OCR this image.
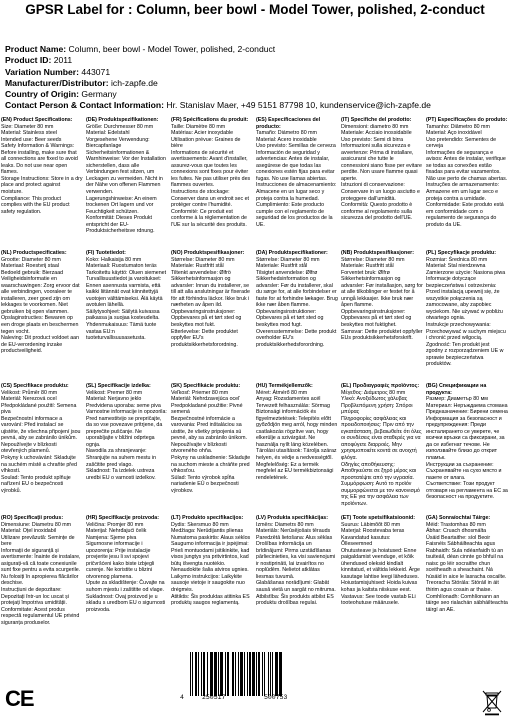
GPSR Label for : Column, beer bowl - Model Tower, polished, 2-conduct
Product Name: Column, beer bowl - Model Tower, polished, 2-conduct
Product ID: 2011
Variation Number: 443071
Manufacturer/Distributor: ich-zapfe.de
Country of Origin: Germany
Contact Person & Contact Information: Hr. Stanislav Maer, +49 5151 87798 10, kundenservice@ich-zapfe.de
(EN) Product Specifications:
Size: Diameter 80 mm
Material: Stainless steel
Intended use: Beer seeds
Safety Information & Warnings: Before installing, make sure that all connections are fixed to avoid leaks. Do not use near open flames.
Storage Instructions: Store in a dry place and protect against moisture.
Compliance: This product complies with the EU product safety regulation.
(DE) Produktspezifikationen:
Größe: Durchmesser 80 mm
Material: Edelstahl
Vorgesehene Verwendung: Biercapfanlage
Sicherheitsinformationen & Warnhinweise: Vor der Installation sicherstellen, dass alle Verbindungen fest sitzen, um Leckagen zu vermeiden. Nicht in der Nähe von offenen Flammen verwenden.
Lagerungshinweise: An einem trockenen Ort lagern und vor Feuchtigkeit schützen.
Konformität: Dieses Produkt entspricht der EU-Produktsicherheitsve rdnung.
(FR) Spécifications du produit:
Taille: Diamètre 80 mm
Matériau: Acier inoxydable
Utilisation prévue: Graines de bière
Informations de sécurité et avertissements: Avant d'installer, assurez-vous que toutes les connexions sont fixes pour éviter les fuites. Ne pas utiliser près des flammes ouvertes.
Instructions de stockage: Conserver dans un endroit sec et protéger contre l'humidité.
Conformité: Ce produit est conforme à la réglementation de l'UE sur la sécurité des produits.
(ES) Especificaciones del producto:
Tamaño: Diámetro 80 mm
Material: Acero inoxidable
Uso previsto: Semillas de cerveza
Información de seguridad y advertencias: Antes de instalar, asegúrese de que todas las conexiones estén fijas para evitar fugas. No use llamas abiertas.
Instrucciones de almacenamiento: Almacene en un lugar seco y proteja contra la humedad.
Cumplimiento: Este producto cumple con el reglamento de seguridad de los productos de la UE.
(IT) Specifiche del prodotto:
Dimensioni: diametro 80 mm
Materiale: Acciaio inossidabile
Uso previsto: Semi di birra
Informazioni sulla sicurezza e avvertenze: Prima di installare, assicurarsi che tutte le connessioni siano fisse per evitare perdite. Non usare fiamme quasi aperte.
Istruzioni di conservazione: Conservare in un luogo asciutto e proteggere dall'umidità.
Conformità: Questo prodotto è conforme al regolamento sulla sicurezza del prodotto dell'UE.
(PT) Especificações do produto:
Tamanho: Diâmetro 80 mm
Material: Aço inoxidável
Uso pretendido: Sementes de cerveja
Informações de segurança e avisos: Antes de instalar, verifique se todas as conexões estão fixadas para evitar vazamentos. Não use perto de chamas abertas.
Instruções de armazenamento: Armazene em um lugar seco e proteja contra a umidade.
Conformidade: Este produto está em conformidade com o regulamento de segurança do produto da UE.
(NL) Productspecificaties:
Grootte: Diameter 80 mm
Materiaal: Roestvrij staal
Bedoeld gebruik: Bierzaad
Veiligheidsinformatie en waarschuwingen: Zorg ervoor dat alle verbindingen, vooraleer te installeren, zeer goed zijn om lekkages te voorkomen. Niet gebruiken bij open vlammen.
Opslaginstructies: Bewaren op een droge plaats en beschermen tegen vocht.
Naleving: Dit product voldoet aan de EU-verordening inzake productveiligheid.
(FI) Tuotetiedot:
Koko: Halkaisija 80 mm
Materiaali: Ruostumaton teräs
Tarkoitettu käyttö: Oluen siemenet
Turvallisuustiedot ja varoitukset: Ennen asennusta varmista, että kaikki liitännät ovat kiinnitettyjä vuotojen välttämiseksi. Älä käytä avotulen lähellä.
Säilytysohjeet: Säilytä kuivassa paikassa ja suojaa kosteudelta.
Yhdenmukaisuus: Tämä tuote vastaa EU:n tuoteturvallisuusasetusta.
(NO) Produktspesifikasjoner:
Størrelse: Diameter 80 mm
Materiale: Rustfritt stål
Tiltenkt anvendelse: Ølfrö
Sikkerhetsinformasjon og advarsler: Innan du installerer, se till att alla anslutningar är fixerade för att förhindra läckor. Ikke bruk i nærheten av åpen ild.
Oppbevaringsinstruksjoner: Oppbevares på et tørt sted og beskyttes mot fukt.
Etterlevelse: Dette produktet oppfyller EU's produktsikkerhetsforordning.
(DA) Produktspecifikationer:
Størrelse: Diameter 80 mm
Materiale: Rustfrit stål
Tilsigtet anvendelse: Ølfrø
Sikkerhedsinformation og advarsler: Før du installerer, skal du sørge for, at alle forbindelser er faste for at forhindre lækager. Brug ikke nær åben flamme.
Opbevaringsinstruktioner: Opbevares på et tørt sted og beskyttes mod fugt.
Overensstemmelse: Dette produkt overholder EU's produktsikkerhedsforordning.
(NB) Produktspesifikasjoner:
Størrelse: Diameter 80 mm
Materiale: Rustfritt stål
Forventet bruk: Ølfrø
Sikkerhetsinformasjon og advarsler: Før installasjon, sørg for at alle tilkoblinger er festet for å unngå lekkasjer. Ikke bruk nær åpen flamme.
Oppbevaringsinstruksjoner: Oppbevares på et tørt sted og beskyttes mot fuktighet.
Samsvar: Dette produktet oppfyller EUs produktsikkerhetsforskrift.
(PL) Specyfikacje produktu:
Rozmiar: Średnica 80 mm
Materiał: Stal nierdzewna
Zamierzone użycie: Nasiona piwa
Informacje dotyczące bezpieczeństwa i ostrzeżenia: Przed instalacją upewnij się, że wszystkie połączenia są zamocowane, aby zapobiec wyciekom. Nie używać w pobliżu otwartego ognia.
Instrukcje przechowywania: Przechowywać w suchym miejscu i chronić przed wilgocią.
Zgodność: Ten produkt jest zgodny z rozporządzeniem UE w sprawie bezpieczeństwa produktów.
(CS) Specifikace produktu:
Velikost: Průměr 80 mm
Materiál: Nerezová ocel
Předpokládané použití: Semena piva
Bezpečnostní informace a varování: Před instalací se ujistěte, že všechna připojení jsou pevná, aby se zabránilo únikům. Nepoužívejte v blízkosti otevřených plamenů.
Pokyny k uchovávání: Skladujte na suchém místě a chraňte před vlhkostí.
Soulad: Tento produkt splňuje nařízení EU o bezpečnosti výrobků.
(SL) Specifikacije izdelka:
Velikost: Premer 80 mm
Material: Nerjavno jeklo
Predvidena uporaba: seme piva
Varnostne informacije in opozorila: Pred namestitvijo se prepričajte, da so vse povezave pritrjene, da preprečite puščanje. Ne uporabljajte v bližini odprtega ognja.
Navodila za shranjevanje: Shranjujte na suhem mestu in zaščitite pred vlago.
Skladnost: Ta izdelek ustreza uredbi EU o varnosti izdelkov.
(SK) Špecifikácie produktu:
Veľkosť: Priemer 80 mm
Materiál: Nehrdzavejúca oceľ
Predpokladané použitie: Pivné semená
Bezpečnostné informácie a varovania: Pred inštaláciou sa uistite, že všetky pripojenia sú pevné, aby sa zabránilo únikom. Nepoužívajte v blízkosti otvoreného ohňa.
Pokyny na uskladnenie: Skladujte na suchom mieste a chráňte pred vlhkosťou.
Súlad: Tento výrobok spĺňa nariadenie EÚ o bezpečnosti výrobkov.
(HU) Termékjellemzők:
Méret: Átmérő 80 mm
Anyag: Rozsdamentes acél
Tervezett felhasználás: Sörmag
Biztonsági információk és figyelmeztetések: Telepítés előtt győződjön meg arról, hogy minden csatlakozás rögzítve van, hogy elkerülje a szivárgást. Ne használja nyílt láng közelében.
Tárolási utasítások: Tárolja száraz helyen, és védje a nedvességtől.
Megfelelőség: Ez a termék megfelel az EU termékbiztonsági rendeletének.
(EL) Προδιαγραφές προϊόντος:
Μέγεθος: Διάμετρος 80 mm
Υλικό: Ανοξείδωτος χάλυβας
Προβλεπόμενη χρήση: Σπόροι μπύρας
Πληροφορίες ασφάλειας και προειδοποιήσεις: Πριν από την εγκατάσταση, βεβαιωθείτε ότι όλες οι συνδέσεις είναι σταθερές για να αποφύγετε διαρροές. Μην χρησιμοποιείτε κοντά σε ανοιχτή φλόγα.
Οδηγίες αποθήκευσης: Αποθηκεύστε σε ξηρό μέρος και προστατέψτε από την υγρασία.
Συμμόρφωση: Αυτό το προϊόν συμμορφώνεται με τον κανονισμό της ΕΕ για την ασφάλεια των προϊόντων.
(BG) Спецификации на продукта:
Размер: Диаметър 80 мм
Материал: Неръждаема стомана
Предназначение: Бирени семена
Информация за безопасност и предупреждения: Преди инсталирането се уверете, че всички връзки са фиксирани, за да се избегнат течове. Не използвайте близо до открит пламък.
Инструкции за съхранение: Съхранявайте на сухо място и пазете от влага.
Съответствие: Този продукт отговаря на регламента на ЕС за безопасност на продуктите.
(RO) Specificații produs:
Dimensiune: Diametru 80 mm
Material: Oțel inoxidabil
Utilizare prevăzută: Semințe de bere
Informații de siguranță și avertismente: Înainte de instalare, asigurați-vă că toate conexiunile sunt fixe pentru a evita scurgerile. Nu folosiți în apropierea flăcărilor deschise.
Instrucțiuni de depozitare: Depozitați într-un loc uscat și protejați împotriva umidității.
Conformitate: Acest produs respectă regulamentul UE privind siguranța produselor.
(HR) Specifikacije proizvoda:
Veličina: Promjer 80 mm
Materijal: Nehrđajući čelik
Namjena: Sjeme piva
Sigurnosne informacije i upozorenja: Prije instalacije provjerite jesu li svi spojevi pričvršćeni kako biste izbjegli curenje. Ne koristite u blizini otvorenog plamena.
Upute za skladištenje: Čuvajte na suhom mjestu i zaštitite od vlage.
Sukladnost: Ovaj proizvod je u skladu s uredbom EU o sigurnosti proizvoda.
(LT) Produkto specifikacijos:
Dydis: Skersmuo 80 mm
Medžiaga: Nerūdijantis plienas
Numatoma paskirtis: Alaus sėklos
Saugumo informacija ir įspėjimai: Prieš montuodami įsitikinkite, kad visos jungtys yra pritvirtintos, kad būtų išvengta nuotėkio. Nenaudokite šalia atviros ugnies.
Laikymo instrukcijos: Laikykite sausoje vietoje ir saugokite nuo drėgmės.
Atitiktis: Šis produktas atitinka ES produktų saugos reglamentą.
(LV) Produkta specifikācijas:
Izmērs: Diametrs 80 mm
Materiāls: Nerūsējošais tērauds
Paredzētā lietošana: Alus sēklas
Drošības informācija un brīdinājumi: Pirms uzstādīšanas pārliecinieties, ka visi savienojumi ir nostiprināti, lai izvairītos no noplūdēm. Nelietot atklātas liesmas tuvumā.
Glabāšanas norādījumi: Glabāt sausā vietā un sargāt no mitruma.
Atbilstība: Šis produkts atbilst ES produktu drošības regulai.
(ET) Toote spetsifikatsioonid:
Suurus: Läbimõõt 80 mm
Materjal: Roostevaba teras
Kavandatud kasutus: Õlleseemned
Ohutusteave ja hoiatused: Enne paigaldamist veenduge, et kõik ühendused oleksid kindlalt kinnitatud, et vältida lekkeid. Ärge kasutage lahtise leegi läheduses.
Hoiustamisjuhised: Hoida kuivas kohas ja kaitsta niiskuse eest.
Vastavus: See toode vastab ELi tooteohutuse määrusele.
(GA) Sonraíochtaí Táirge:
Méid: Trastomhas 80 mm
Ábhar: Cruach dhosmálta
Úsáid Beartaithe: síol Beoir
Faisnéis Sábháilteachta agus Rabhaidh: Sula ndéanfaidh tú an tsuiteáil, déan cinnte go bhfuil na naisc go léir socraithe chun sceitheadh a sheachaint. Ná húsáid in aice le lasracha oscailte.
Treoracha Stórála: Stóráil in áit thirim agus cosain ar thaise.
Comhlíonadh: Comhlíonann an táirge seo rialachán sábháilteachta táirgí an AE.
4	250517	500753
CE
